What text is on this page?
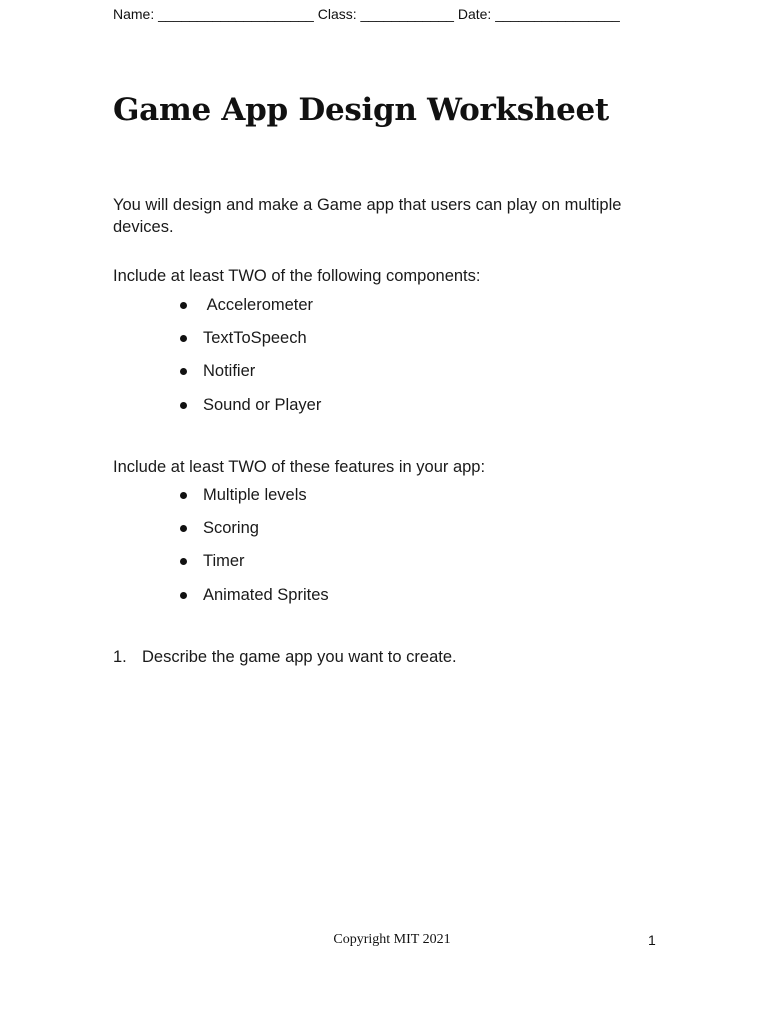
Name: ____________________ Class: ____________ Date: ________________
Game App Design Worksheet

You will design and make a Game app that users can play on multiple devices.

Include at least TWO of the following components:

Accelerometer
TextToSpeech
Notifier
Sound or Player

Include at least TWO of these features in your app:

Multiple levels
Scoring
Timer
Animated Sprites
1. Describe the game app you want to create.
Copyright MIT 2021	1
